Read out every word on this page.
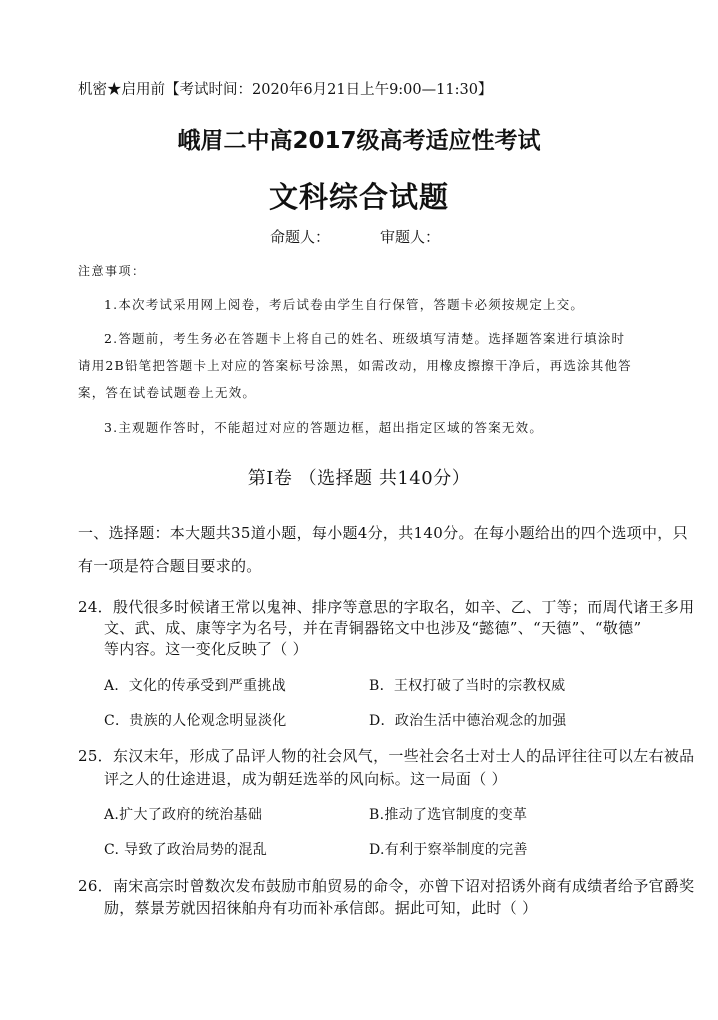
机密★启用前【考试时间：2020年6月21日上午9:00—11:30】
峨眉二中高2017级高考适应性考试
文科综合试题
命题人：	审题人：
注意事项：
1.本次考试采用网上阅卷，考后试卷由学生自行保管，答题卡必须按规定上交。
2.答题前，考生务必在答题卡上将自己的姓名、班级填写清楚。选择题答案进行填涂时
请用2B铅笔把答题卡上对应的答案标号涂黑，如需改动，用橡皮擦擦干净后，再选涂其他答
案，答在试卷试题卷上无效。
3.主观题作答时，不能超过对应的答题边框，超出指定区域的答案无效。
第Ⅰ卷 （选择题 共140分）
一、选择题：本大题共35道小题，每小题4分，共140分。在每小题给出的四个选项中，只
有一项是符合题目要求的。
24．殷代很多时候诸王常以鬼神、排序等意思的字取名，如辛、乙、丁等；而周代诸王多用
文、武、成、康等字为名号，并在青铜器铭文中也涉及“懿德”、“天德”、“敬德”
等内容。这一变化反映了（ ）
A．文化的传承受到严重挑战	B．王权打破了当时的宗教权威
C．贵族的人伦观念明显淡化	D．政治生活中德治观念的加强
25．东汉末年，形成了品评人物的社会风气，一些社会名士对士人的品评往往可以左右被品
评之人的仕途进退，成为朝廷选举的风向标。这一局面（ ）
A.扩大了政府的统治基础	B.推动了选官制度的变革
C. 导致了政治局势的混乱	D.有利于察举制度的完善
26．南宋高宗时曾数次发布鼓励市舶贸易的命令，亦曾下诏对招诱外商有成绩者给予官爵奖
励，蔡景芳就因招徕舶舟有功而补承信郎。据此可知，此时（ ）
